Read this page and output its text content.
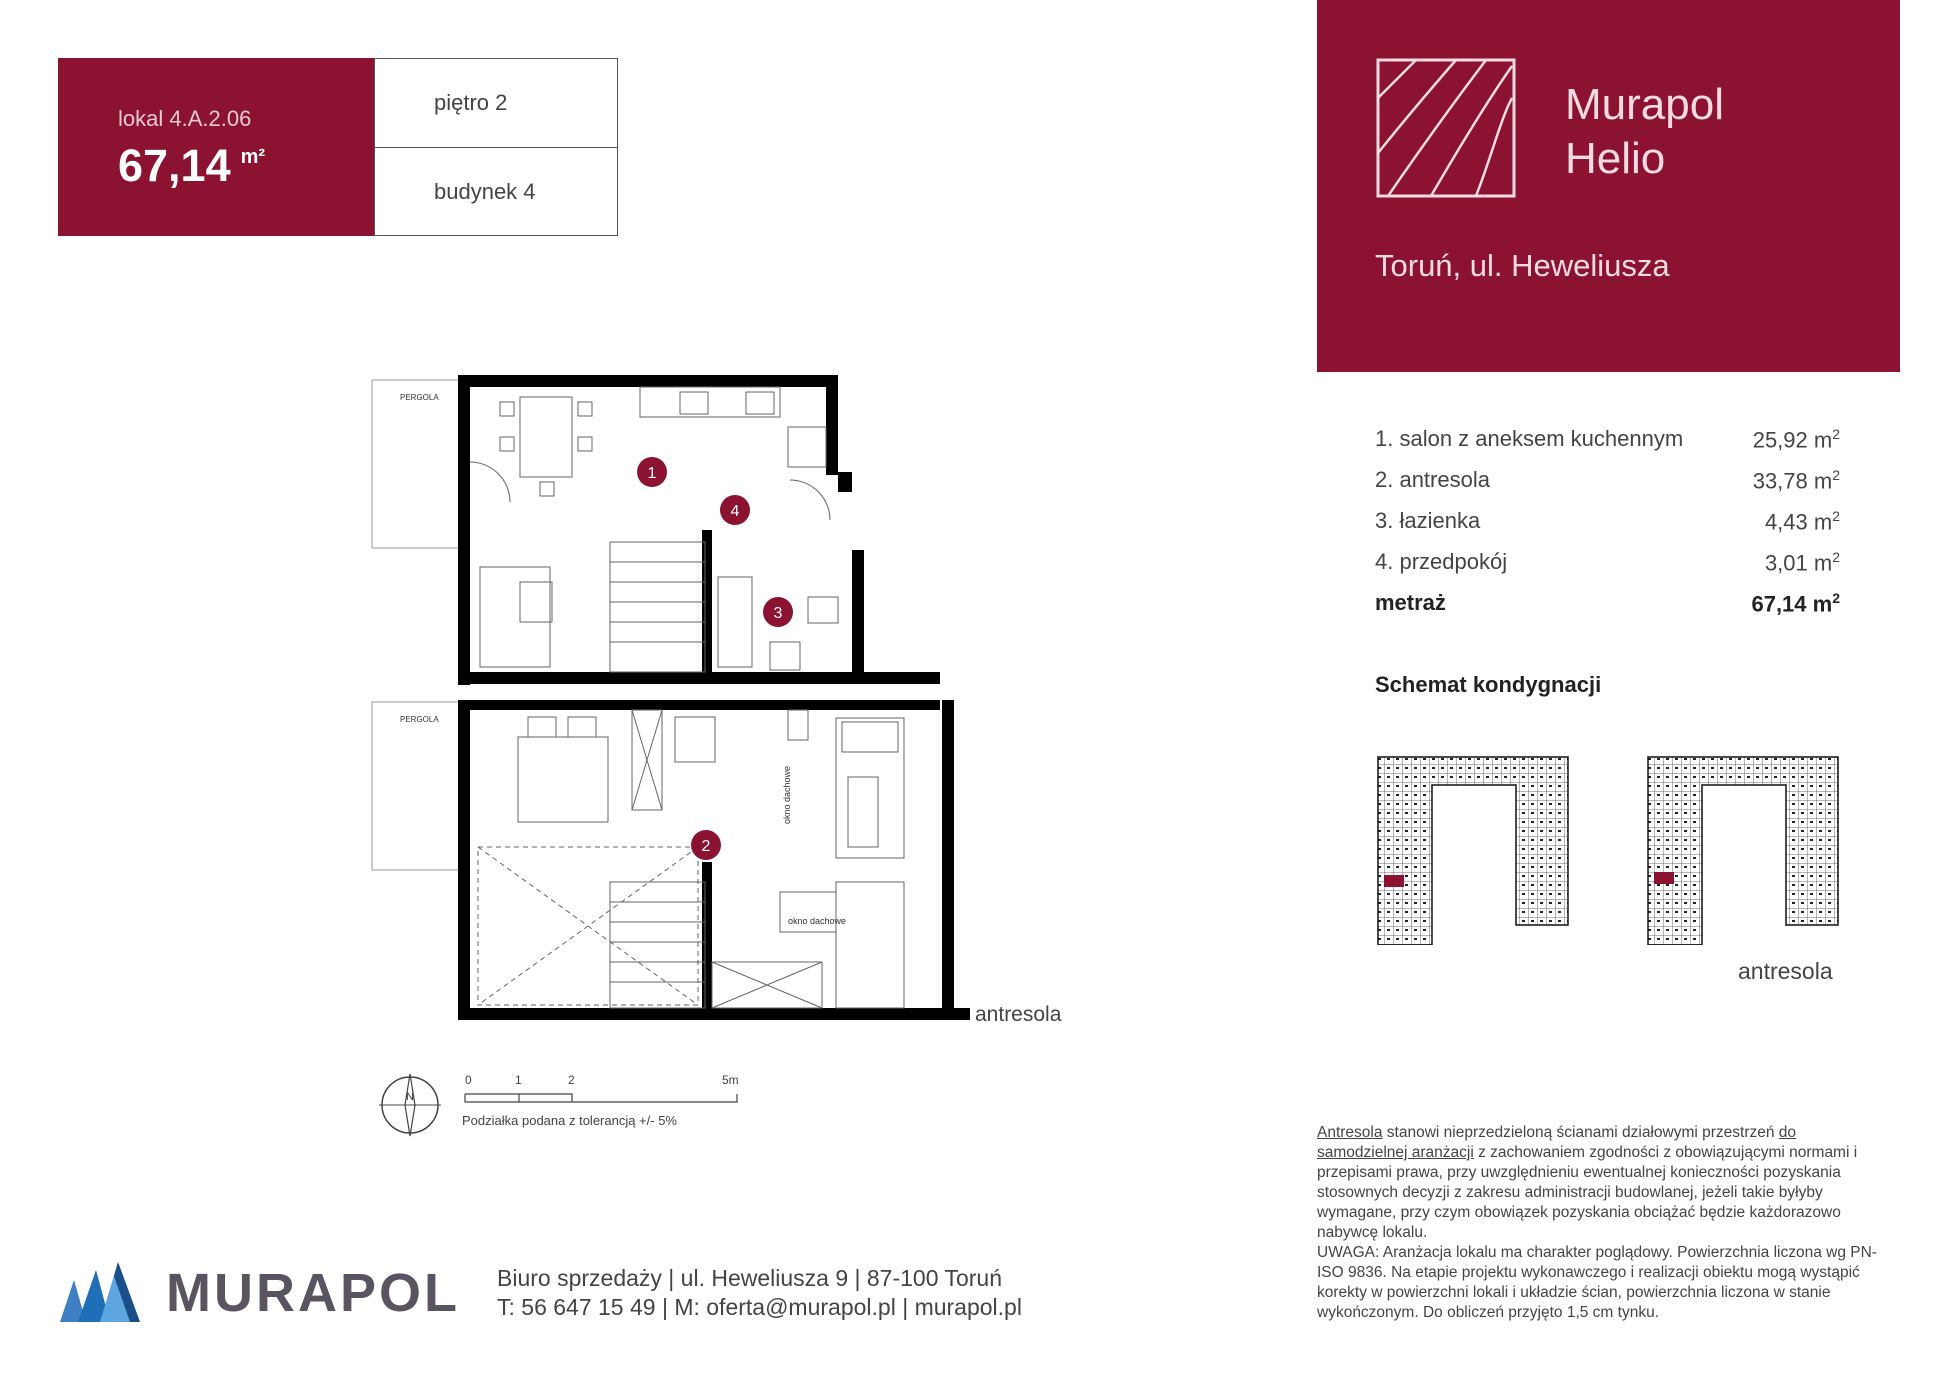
lokal 4.A.2.06
67,14 $^{m^2}$
piętro 2
budynek 4
Murapol
Helio
Toruń, ul. Heweliusza
1. salon z aneksem kuchennym	25,92 $m^2$
2. antresola	33,78 $m^2$
3. łazienka	4,43 $m^2$
4. przedpokój	3,01 $m^2$
metraż	67,14 $m^2$
Schemat kondygnacji
antresola
PERGOLA
PERGOLA
okno dachowe
okno dachowe
1
2
3
4
antresola
N
0	1	2	5m
Podziałka podana z tolerancją +/- 5%
Antresola stanowi nieprzedzieloną ścianami działowymi przestrzeń do samodzielnej aranżacji z zachowaniem zgodności z obowiązującymi normami i przepisami prawa, przy uwzględnieniu ewentualnej konieczności pozyskania stosownych decyzji z zakresu administracji budowlanej, jeżeli takie byłyby wymagane, przy czym obowiązek pozyskania obciążać będzie każdorazowo nabywcę lokalu.
UWAGA: Aranżacja lokalu ma charakter poglądowy. Powierzchnia liczona wg PN-ISO 9836. Na etapie projektu wykonawczego i realizacji obiektu mogą wystąpić korekty w powierzchni lokali i układzie ścian, powierzchnia liczona w stanie wykończonym. Do obliczeń przyjęto 1,5 cm tynku.
MURAPOL Biuro sprzedaży | ul. Heweliusza 9 | 87-100 Toruń
T: 56 647 15 49 | M: oferta@murapol.pl | murapol.pl
